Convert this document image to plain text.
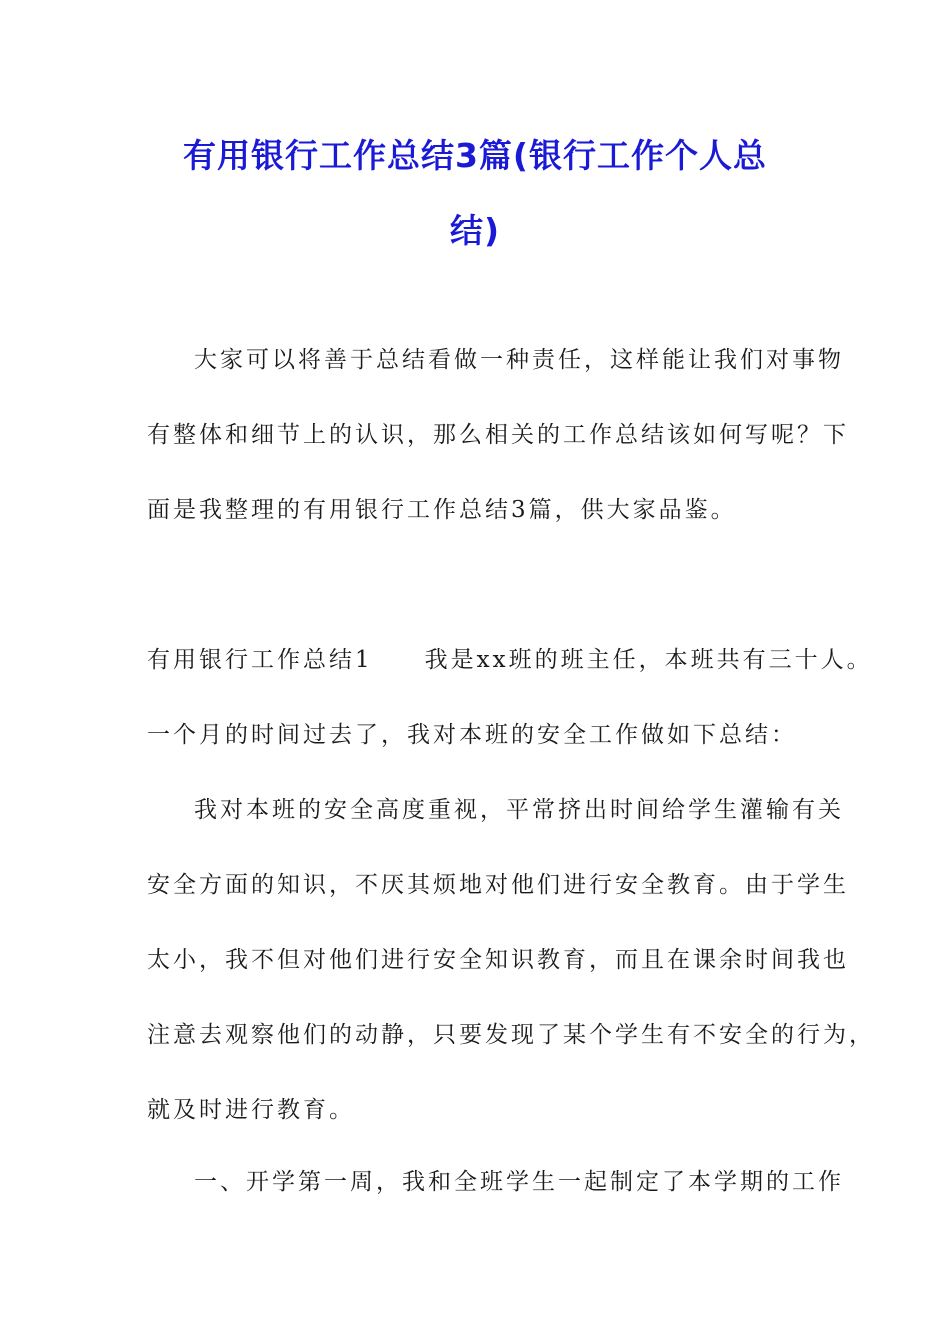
有用银行工作总结3篇(银行工作个人总
结)

大家可以将善于总结看做一种责任，这样能让我们对事物

有整体和细节上的认识，那么相关的工作总结该如何写呢？下

面是我整理的有用银行工作总结3篇，供大家品鉴。

有用银行工作总结1 我是xx班的班主任，本班共有三十人。

一个月的时间过去了，我对本班的安全工作做如下总结：

我对本班的安全高度重视，平常挤出时间给学生灌输有关

安全方面的知识，不厌其烦地对他们进行安全教育。由于学生

太小，我不但对他们进行安全知识教育，而且在课余时间我也

注意去观察他们的动静，只要发现了某个学生有不安全的行为，

就及时进行教育。

一、开学第一周，我和全班学生一起制定了本学期的工作
